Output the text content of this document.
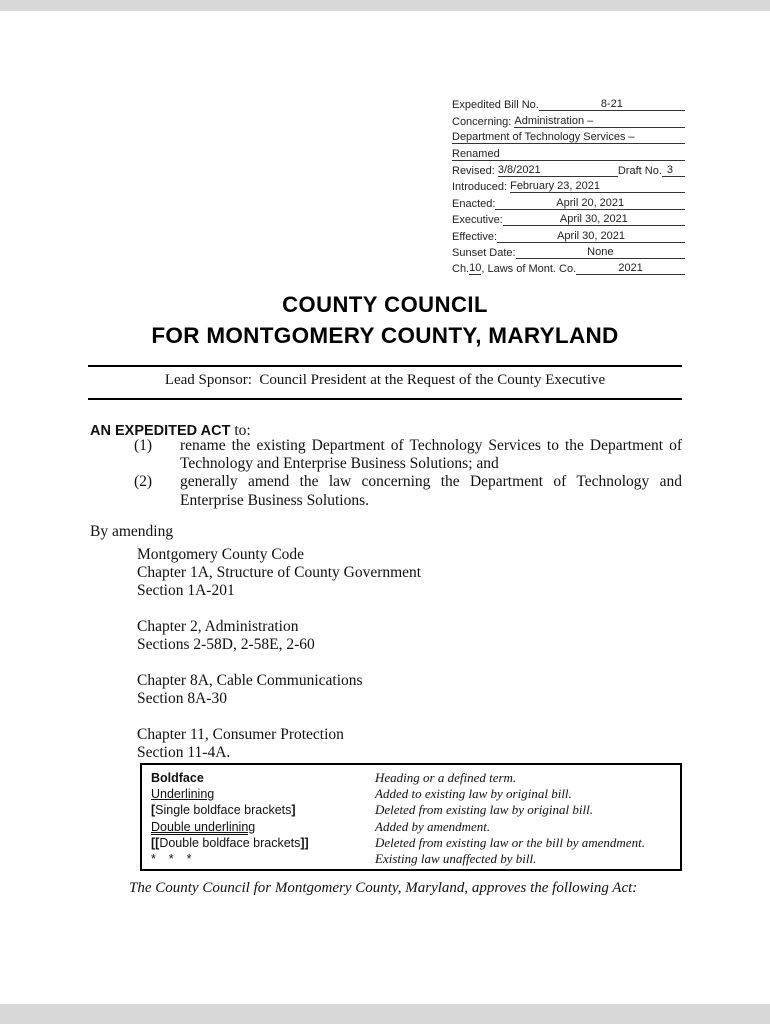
Expedited Bill No.	8-21
Concerning: Administration –
Department of Technology Services –
Renamed
Revised: 3/8/2021	Draft No. 3
Introduced: February 23, 2021
Enacted:	April 20, 2021
Executive:	April 30, 2021
Effective:	April 30, 2021
Sunset Date:	None
Ch. 10 , Laws of Mont. Co.	2021
COUNTY COUNCIL
FOR MONTGOMERY COUNTY, MARYLAND
Lead Sponsor:  Council President at the Request of the County Executive
AN EXPEDITED ACT to:
(1)	rename the existing Department of Technology Services to the Department of Technology and Enterprise Business Solutions; and
(2)	generally amend the law concerning the Department of Technology and Enterprise Business Solutions.
By amending
Montgomery County Code
Chapter 1A, Structure of County Government
Section 1A-201
Chapter 2, Administration
Sections 2-58D, 2-58E, 2-60
Chapter 8A, Cable Communications
Section 8A-30
Chapter 11, Consumer Protection
Section 11-4A.
Boldface	Heading or a defined term.
Underlining	Added to existing law by original bill.
[Single boldface brackets]	Deleted from existing law by original bill.
Double underlining	Added by amendment.
[[Double boldface brackets]]	Deleted from existing law or the bill by amendment.
*  *  *	Existing law unaffected by bill.
The County Council for Montgomery County, Maryland, approves the following Act:
